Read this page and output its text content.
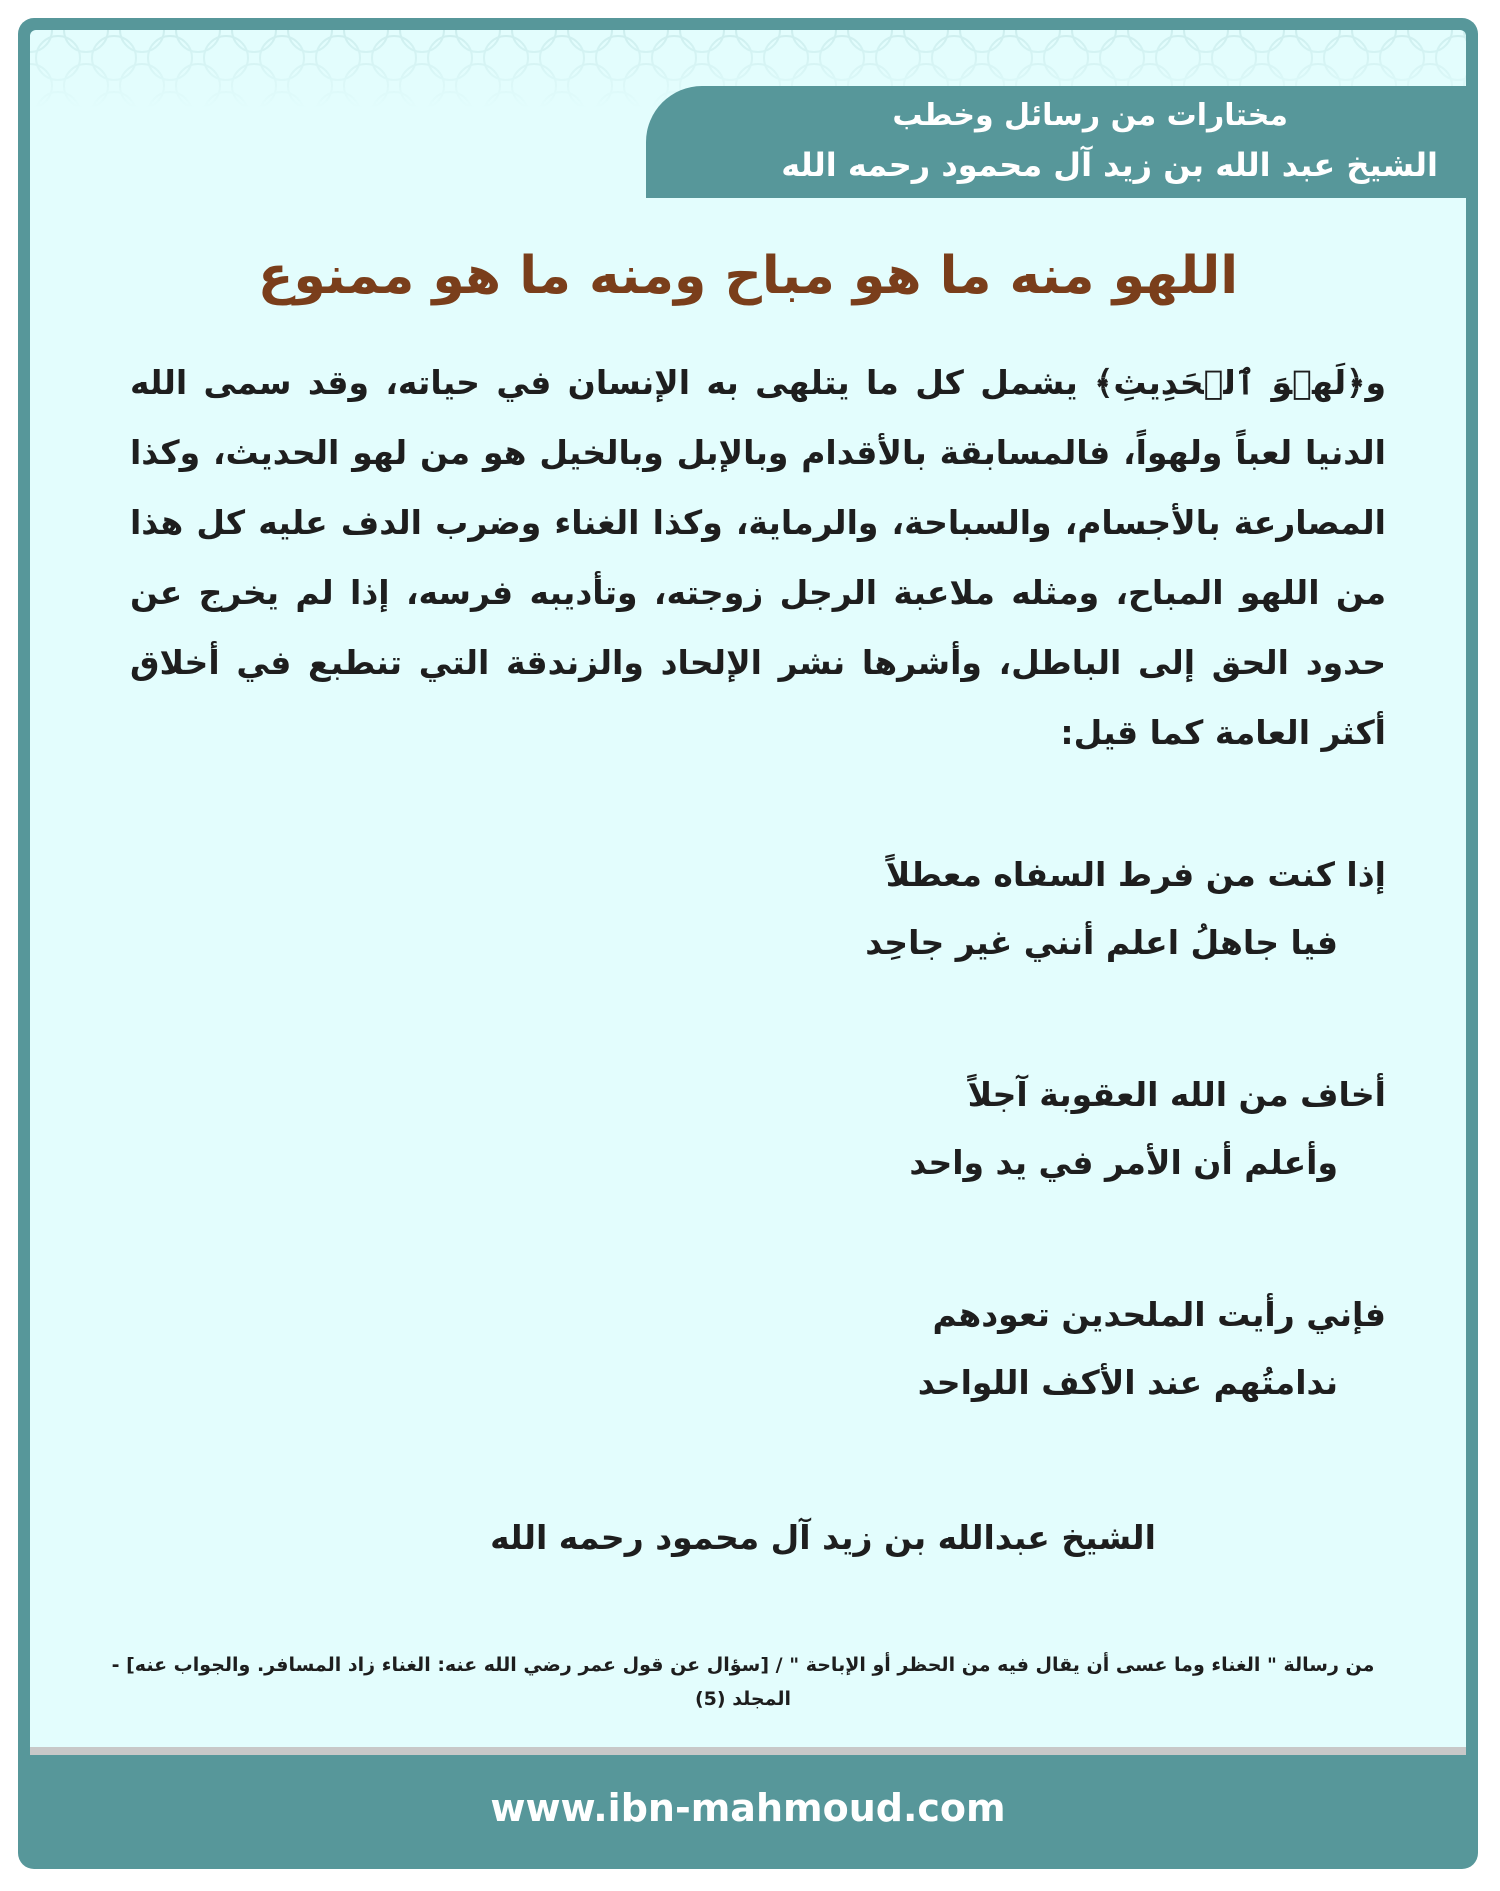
مختارات من رسائل وخطب
الشيخ عبد الله بن زيد آل محمود رحمه الله
اللهو منه ما هو مباح ومنه ما هو ممنوع
و﴿لَهۡوَ ٱلۡحَدِيثِ﴾ يشمل كل ما يتلهى به الإنسان في حياته، وقد سمى الله الدنيا لعباً ولهواً، فالمسابقة بالأقدام وبالإبل وبالخيل هو من لهو الحديث، وكذا المصارعة بالأجسام، والسباحة، والرماية، وكذا الغناء وضرب الدف عليه كل هذا من اللهو المباح، ومثله ملاعبة الرجل زوجته، وتأديبه فرسه، إذا لم يخرج عن حدود الحق إلى الباطل، وأشرها نشر الإلحاد والزندقة التي تنطبع في أخلاق أكثر العامة كما قيل:
إذا كنت من فرط السفاه معطلاً
فيا جاهلُ اعلم أنني غير جاحِد
أخاف من الله العقوبة آجلاً
وأعلم أن الأمر في يد واحد
فإني رأيت الملحدين تعودهم
ندامتُهم عند الأكف اللواحد
الشيخ عبدالله بن زيد آل محمود رحمه الله
من رسالة " الغناء وما عسى أن يقال فيه من الحظر أو الإباحة " / [سؤال عن قول عمر رضي الله عنه: الغناء زاد المسافر. والجواب عنه] - المجلد (5)
www.ibn-mahmoud.com
